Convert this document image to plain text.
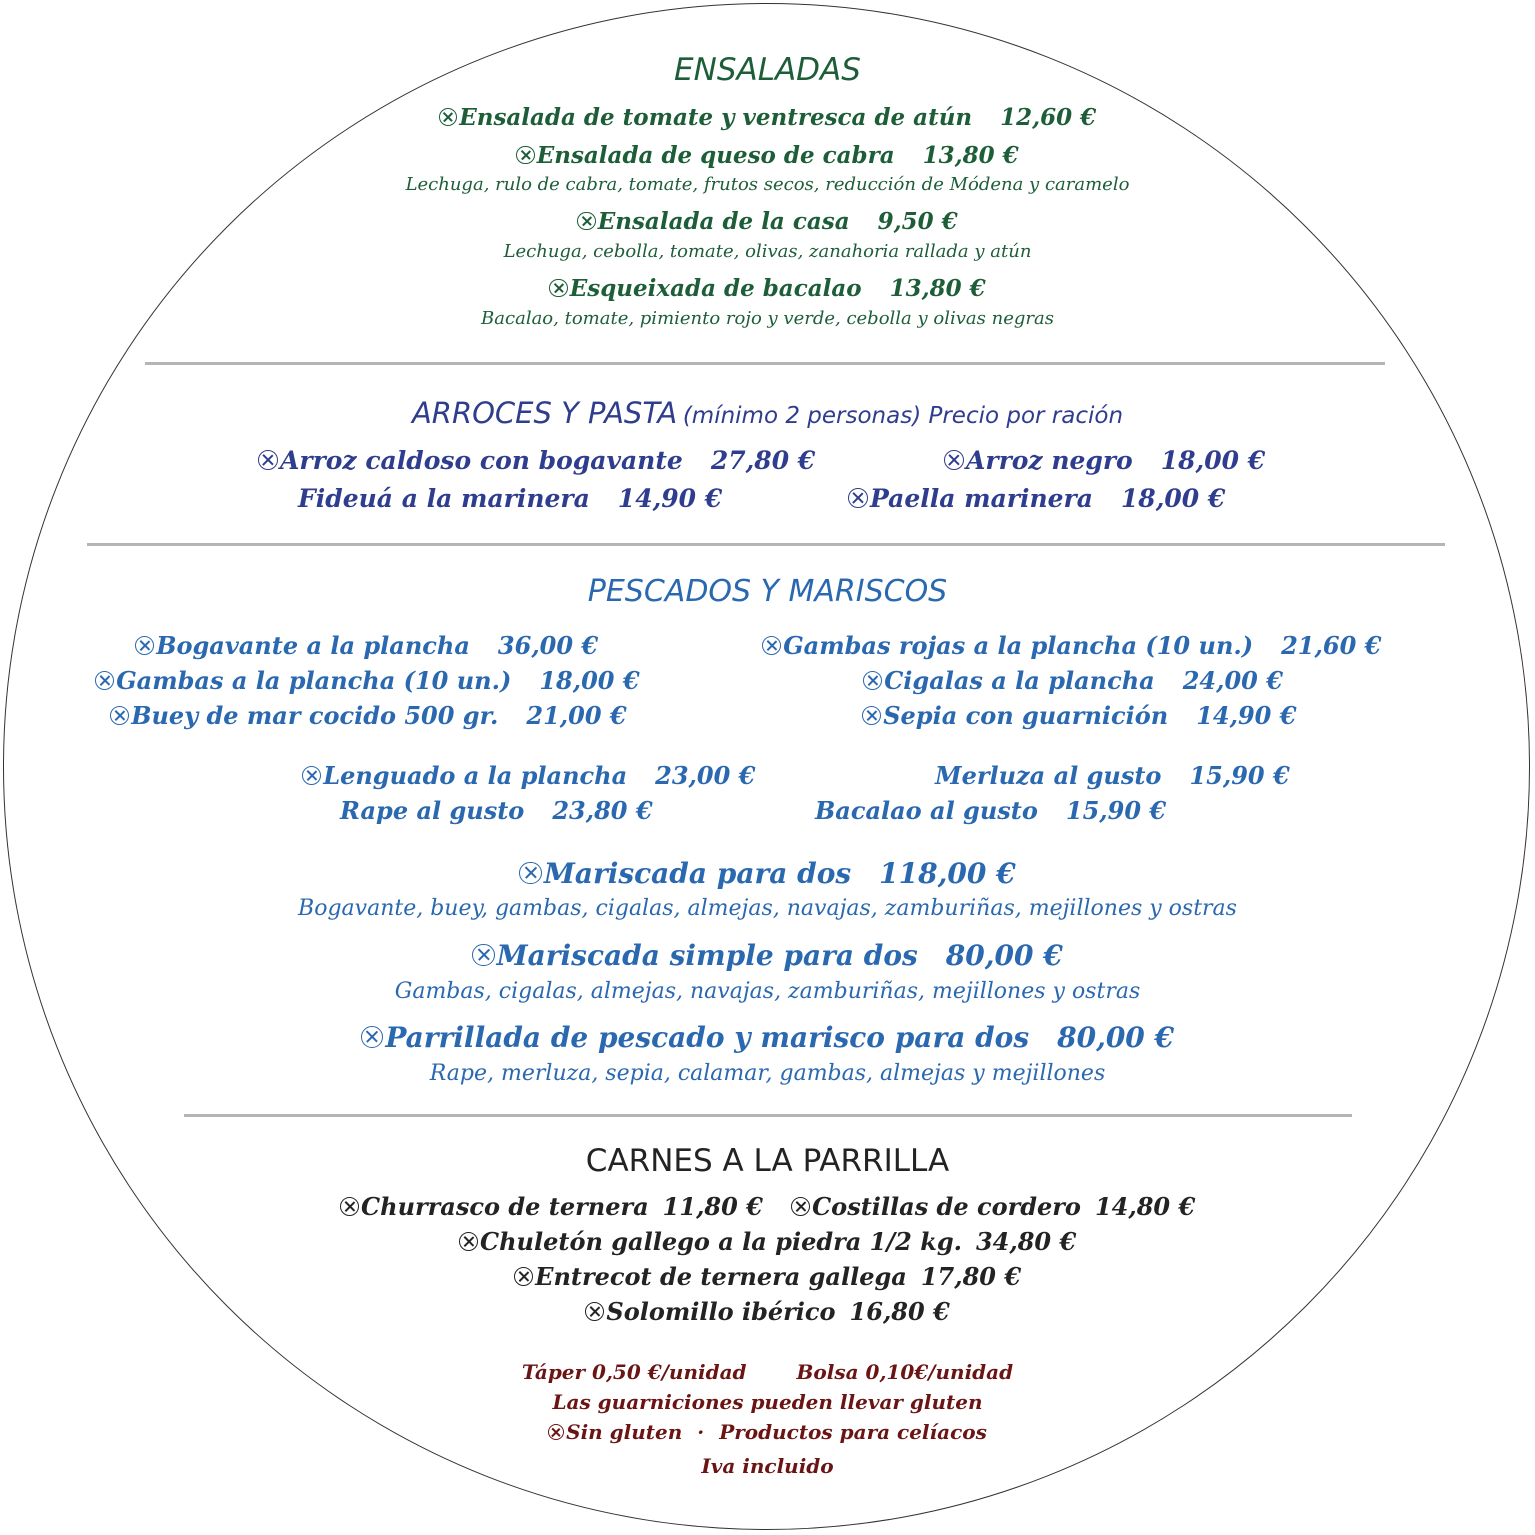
ENSALADAS
Ensalada de tomate y ventresca de atún 12,60 €
Ensalada de queso de cabra 13,80 €
Lechuga, rulo de cabra, tomate, frutos secos, reducción de Módena y caramelo
Ensalada de la casa 9,50 €
Lechuga, cebolla, tomate, olivas, zanahoria rallada y atún
Esqueixada de bacalao 13,80 €
Bacalao, tomate, pimiento rojo y verde, cebolla y olivas negras
ARROCES Y PASTA (mínimo 2 personas) Precio por ración
Arroz caldoso con bogavante 27,80 €	Arroz negro 18,00 €
Fideuá a la marinera 14,90 €	Paella marinera 18,00 €
PESCADOS Y MARISCOS
Bogavante a la plancha 36,00 €	Gambas rojas a la plancha (10 un.) 21,60 €
Gambas a la plancha (10 un.) 18,00 €	Cigalas a la plancha 24,00 €
Buey de mar cocido 500 gr. 21,00 €	Sepia con guarnición 14,90 €
Lenguado a la plancha 23,00 €	Merluza al gusto 15,90 €
Rape al gusto 23,80 €	Bacalao al gusto 15,90 €
Mariscada para dos 118,00 €
Bogavante, buey, gambas, cigalas, almejas, navajas, zamburiñas, mejillones y ostras
Mariscada simple para dos 80,00 €
Gambas, cigalas, almejas, navajas, zamburiñas, mejillones y ostras
Parrillada de pescado y marisco para dos 80,00 €
Rape, merluza, sepia, calamar, gambas, almejas y mejillones
CARNES A LA PARRILLA
Churrasco de ternera 11,80 € Costillas de cordero 14,80 €
Chuletón gallego a la piedra 1/2 kg. 34,80 €
Entrecot de ternera gallega 17,80 €
Solomillo ibérico 16,80 €
Táper 0,50 €/unidad	Bolsa 0,10€/unidad
Las guarniciones pueden llevar gluten
Sin gluten · Productos para celíacos
Iva incluido
